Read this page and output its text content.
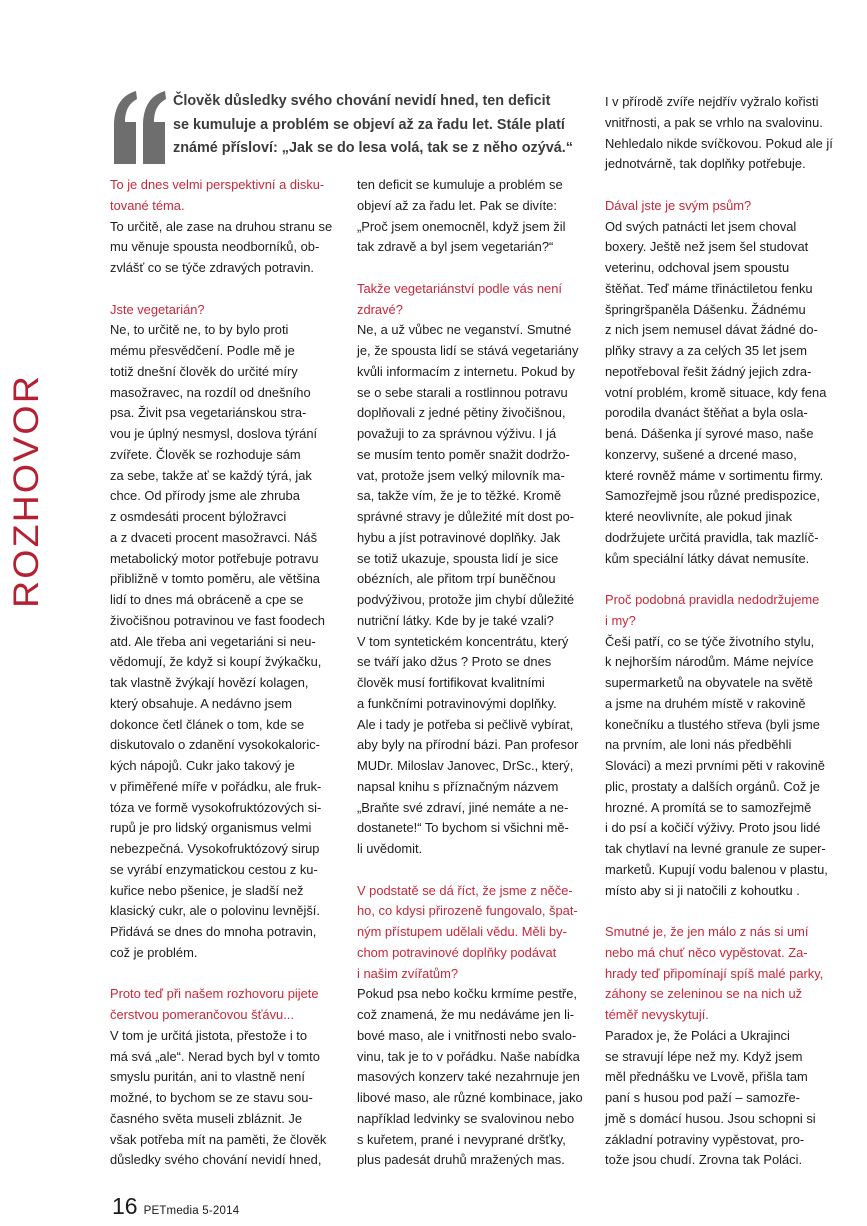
ROZHOVOR

Člověk důsledky svého chování nevidí hned, ten deficit

se kumuluje a problém se objeví až za řadu let. Stále platí

známé přísloví: „Jak se do lesa volá, tak se z něho ozývá.“

To je dnes velmi perspektivní a disku-
tované téma.
To určitě, ale zase na druhou stranu se
mu věnuje spousta neodborníků, ob-
zvlášť co se týče zdravých potravin.
Jste vegetarián?
Ne, to určitě ne, to by bylo proti
mému přesvědčení. Podle mě je
totiž dnešní člověk do určité míry
masožravec, na rozdíl od dnešního
psa. Živit psa vegetariánskou stra-
vou je úplný nesmysl, doslova týrání
zvířete. Člověk se rozhoduje sám
za sebe, takže ať se každý týrá, jak
chce. Od přírody jsme ale zhruba
z osmdesáti procent býložravci
a z dvaceti procent masožravci. Náš
metabolický motor potřebuje potravu
přibližně v tomto poměru, ale většina
lidí to dnes má obráceně a cpe se
živočišnou potravinou ve fast foodech
atd. Ale třeba ani vegetariáni si neu-
vědomují, že když si koupí žvýkačku,
tak vlastně žvýkají hovězí kolagen,
který obsahuje. A nedávno jsem
dokonce četl článek o tom, kde se
diskutovalo o zdanění vysokokaloric-
kých nápojů. Cukr jako takový je
v přiměřené míře v pořádku, ale fruk-
tóza ve formě vysokofruktózových si-
rupů je pro lidský organismus velmi
nebezpečná. Vysokofruktózový sirup
se vyrábí enzymatickou cestou z ku-
kuřice nebo pšenice, je sladší než
klasický cukr, ale o polovinu levnější.
Přidává se dnes do mnoha potravin,
což je problém.
Proto teď při našem rozhovoru pijete
čerstvou pomerančovou šťávu...
V tom je určitá jistota, přestože i to
má svá „ale“. Nerad bych byl v tomto
smyslu puritán, ani to vlastně není
možné, to bychom se ze stavu sou-
časného světa museli zbláznit. Je
však potřeba mít na paměti, že člověk
důsledky svého chování nevidí hned,
ten deficit se kumuluje a problém se
objeví až za řadu let. Pak se divíte:
„Proč jsem onemocněl, když jsem žil
tak zdravě a byl jsem vegetarián?“
Takže vegetariánství podle vás není
zdravé?
Ne, a už vůbec ne veganství. Smutné
je, že spousta lidí se stává vegetariány
kvůli informacím z internetu. Pokud by
se o sebe starali a rostlinnou potravu
doplňovali z jedné pětiny živočišnou,
považuji to za správnou výživu. I já
se musím tento poměr snažit dodržo-
vat, protože jsem velký milovník ma-
sa, takže vím, že je to těžké. Kromě
správné stravy je důležité mít dost po-
hybu a jíst potravinové doplňky. Jak
se totiž ukazuje, spousta lidí je sice
obézních, ale přitom trpí buněčnou
podvýživou, protože jim chybí důležité
nutriční látky. Kde by je také vzali?
V tom syntetickém koncentrátu, který
se tváří jako džus ? Proto se dnes
člověk musí fortifikovat kvalitními
a funkčními potravinovými doplňky.
Ale i tady je potřeba si pečlivě vybírat,
aby byly na přírodní bázi. Pan profesor
MUDr. Miloslav Janovec, DrSc., který,
napsal knihu s příznačným názvem
„Braňte své zdraví, jiné nemáte a ne-
dostanete!“ To bychom si všichni mě-
li uvědomit.
V podstatě se dá říct, že jsme z něče-
ho, co kdysi přirozeně fungovalo, špat-
ným přístupem udělali vědu. Měli by-
chom potravinové doplňky podávat
i našim zvířatům?
Pokud psa nebo kočku krmíme pestře,
což znamená, že mu nedáváme jen li-
bové maso, ale i vnitřnosti nebo svalo-
vinu, tak je to v pořádku. Naše nabídka
masových konzerv také nezahrnuje jen
libové maso, ale různé kombinace, jako
například ledvinky se svalovinou nebo
s kuřetem, prané i nevyprané dršťky,
plus padesát druhů mražených mas.
I v přírodě zvíře nejdřív vyžralo kořisti
vnitřnosti, a pak se vrhlo na svalovinu.
Nehledalo nikde svíčkovou. Pokud ale jí
jednotvárně, tak doplňky potřebuje.
Dával jste je svým psům?
Od svých patnácti let jsem choval
boxery. Ještě než jsem šel studovat
veterinu, odchoval jsem spoustu
štěňat. Teď máme třináctiletou fenku
špringršpaněla Dášenku. Žádnému
z nich jsem nemusel dávat žádné do-
plňky stravy a za celých 35 let jsem
nepotřeboval řešit žádný jejich zdra-
votní problém, kromě situace, kdy fena
porodila dvanáct štěňat a byla osla-
bená. Dášenka jí syrové maso, naše
konzervy, sušené a drcené maso,
které rovněž máme v sortimentu firmy.
Samozřejmě jsou různé predispozice,
které neovlivníte, ale pokud jinak
dodržujete určitá pravidla, tak mazlíč-
kům speciální látky dávat nemusíte.
Proč podobná pravidla nedodržujeme
i my?
Češi patří, co se týče životního stylu,
k nejhorším národům. Máme nejvíce
supermarketů na obyvatele na světě
a jsme na druhém místě v rakovině
konečníku a tlustého střeva (byli jsme
na prvním, ale loni nás předběhli
Slováci) a mezi prvními pěti v rakovině
plic, prostaty a dalších orgánů. Což je
hrozné. A promítá se to samozřejmě
i do psí a kočičí výživy. Proto jsou lidé
tak chytlaví na levné granule ze super-
marketů. Kupují vodu balenou v plastu,
místo aby si ji natočili z kohoutku .
Smutné je, že jen málo z nás si umí
nebo má chuť něco vypěstovat. Za-
hrady teď připomínají spíš malé parky,
záhony se zeleninou se na nich už
téměř nevyskytují.
Paradox je, že Poláci a Ukrajinci
se stravují lépe než my. Když jsem
měl přednášku ve Lvově, přišla tam
paní s husou pod paží – samozře-
jmě s domácí husou. Jsou schopni si
základní potraviny vypěstovat, pro-
tože jsou chudí. Zrovna tak Poláci.
16 PETmedia 5-2014
